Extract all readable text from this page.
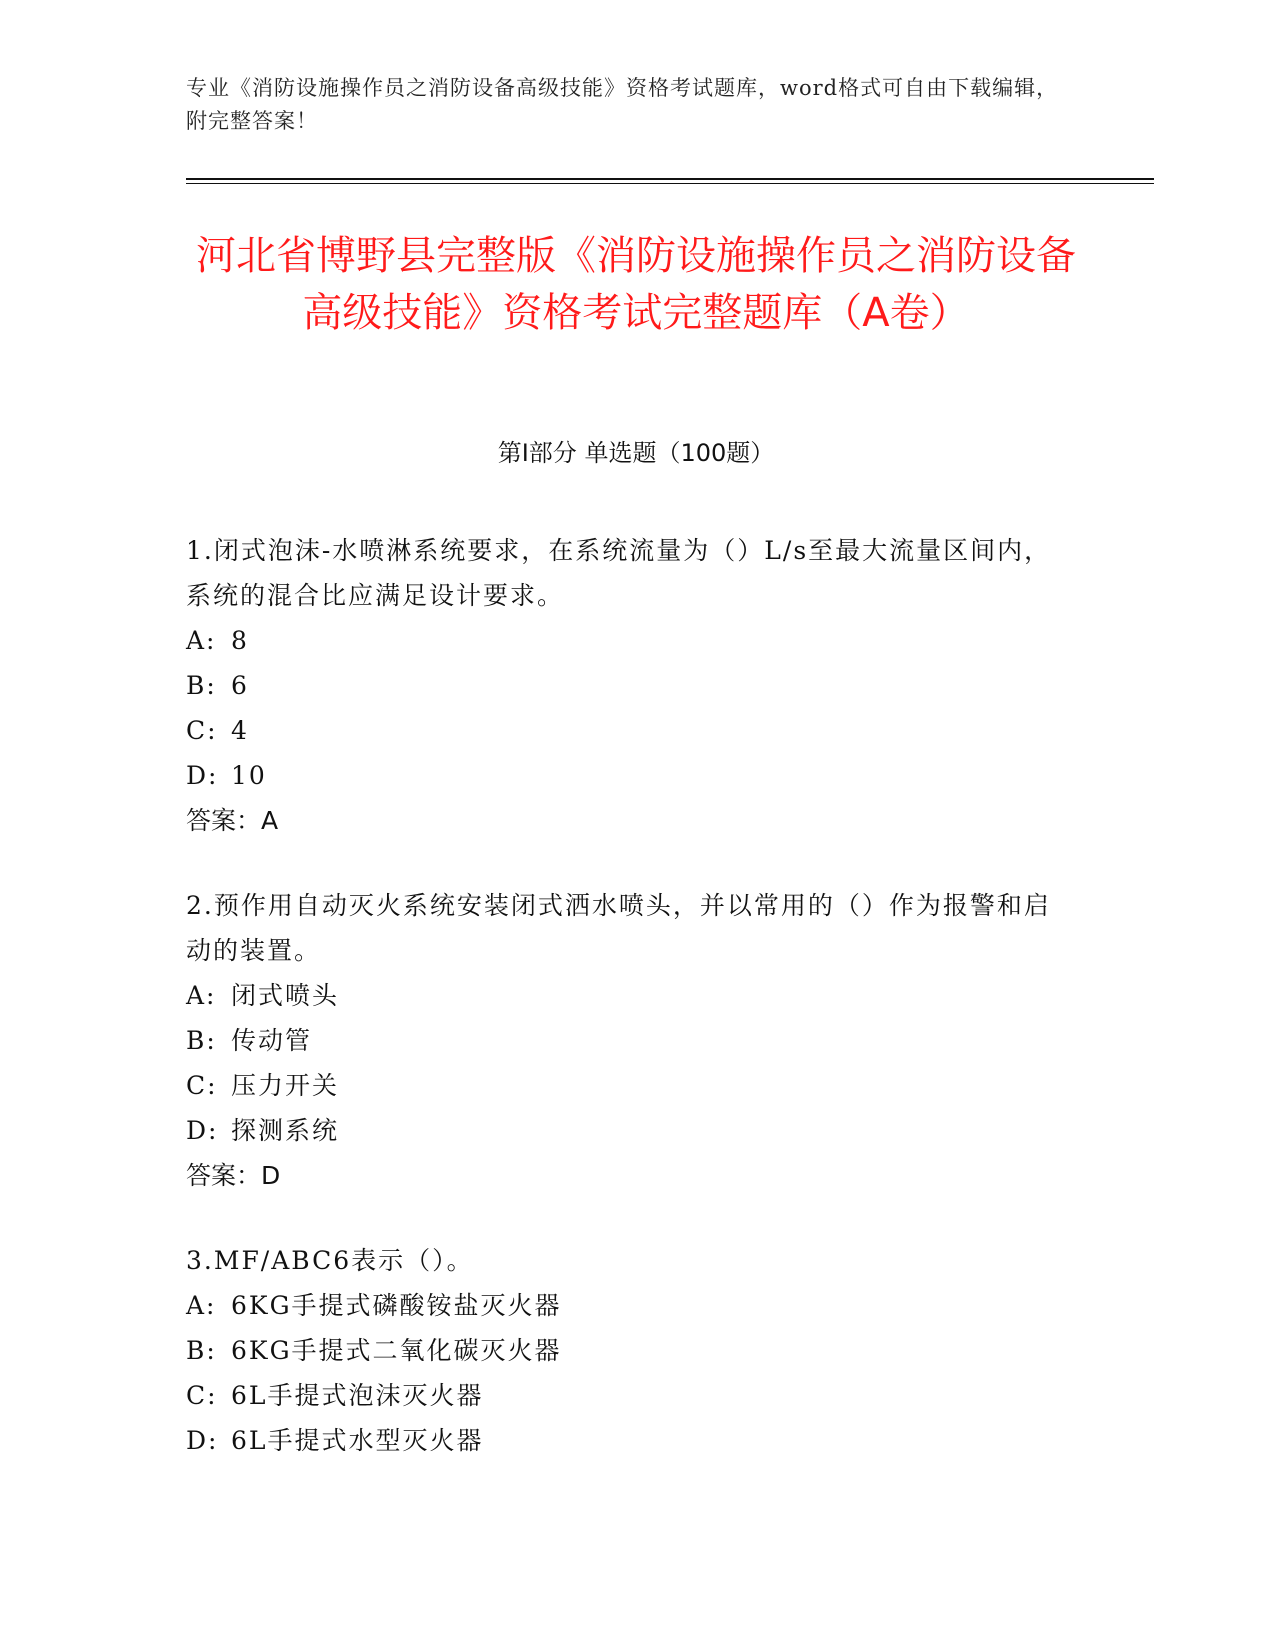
专业《消防设施操作员之消防设备高级技能》资格考试题库，word格式可自由下载编辑，附完整答案！
河北省博野县完整版《消防设施操作员之消防设备高级技能》资格考试完整题库（A卷）
第I部分 单选题（100题）
1.闭式泡沫-水喷淋系统要求，在系统流量为（）L/s至最大流量区间内，系统的混合比应满足设计要求。
A: 8
B: 6
C: 4
D: 10
答案：A
2.预作用自动灭火系统安装闭式洒水喷头，并以常用的（）作为报警和启动的装置。
A: 闭式喷头
B: 传动管
C: 压力开关
D: 探测系统
答案：D
3.MF/ABC6表示（）。
A: 6KG手提式磷酸铵盐灭火器
B: 6KG手提式二氧化碳灭火器
C: 6L手提式泡沫灭火器
D: 6L手提式水型灭火器
